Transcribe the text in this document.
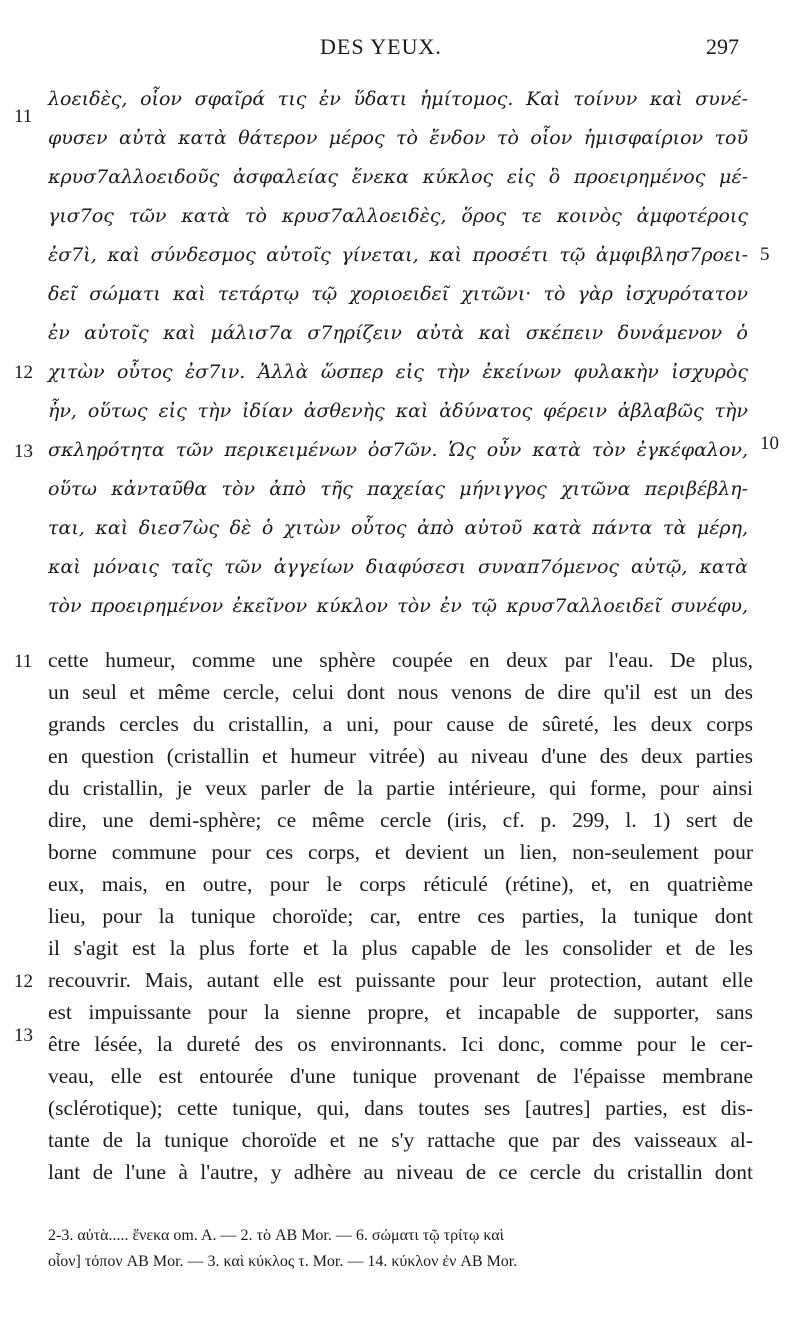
DES YEUX.	297
λοειδὲς, οἷον σφαῖρά τις ἐν ὕδατι ἡμίτομος. Καὶ τοίνυν καὶ συνέ-
φυσεν αὐτὰ κατὰ θάτερον μέρος τὸ ἔνδον τὸ οἷον ἡμισφαίριον τοῦ
κρυσ7αλλοειδοῦς ἀσφαλείας ἕνεκα κύκλος εἰς ὃ προειρημένος μέ-
γισ7ος τῶν κατὰ τὸ κρυσ7αλλοειδὲς, ὅρος τε κοινὸς ἀμφοτέροις
ἐσ7ὶ, καὶ σύνδεσμος αὐτοῖς γίνεται, καὶ προσέτι τῷ ἀμφιβλησ7ροει-
δεῖ σώματι καὶ τετάρτῳ τῷ χοριοειδεῖ χιτῶνι· τὸ γὰρ ἰσχυρότατον
ἐν αὐτοῖς καὶ μάλισ7α σ7ηρίζειν αὐτὰ καὶ σκέπειν δυνάμενον ὁ
χιτὼν οὗτος ἐσ7ιν. Ἀλλὰ ὥσπερ εἰς τὴν ἐκείνων φυλακὴν ἰσχυρὸς
ἦν, οὕτως εἰς τὴν ἰδίαν ἀσθενὴς καὶ ἀδύνατος φέρειν ἀβλαβῶς τὴν
σκληρότητα τῶν περικειμένων ὀσ7ῶν. Ὡς οὖν κατὰ τὸν ἐγκέφαλον,
οὕτω κἀνταῦθα τὸν ἀπὸ τῆς παχείας μήνιγγος χιτῶνα περιβέβλη-
ται, καὶ διεσ7ὼς δὲ ὁ χιτὼν οὗτος ἀπὸ αὐτοῦ κατὰ πάντα τὰ μέρη,
καὶ μόναις ταῖς τῶν ἀγγείων διαφύσεσι συναπ7όμενος αὐτῷ, κατὰ
τὸν προειρημένον ἐκεῖνον κύκλον τὸν ἐν τῷ κρυσ7αλλοειδεῖ συνέφυ,
11
12
13
5
10
cette humeur, comme une sphère coupée en deux par l'eau. De plus,
un seul et même cercle, celui dont nous venons de dire qu'il est un des
grands cercles du cristallin, a uni, pour cause de sûreté, les deux corps
en question (cristallin et humeur vitrée) au niveau d'une des deux parties
du cristallin, je veux parler de la partie intérieure, qui forme, pour ainsi
dire, une demi-sphère; ce même cercle (iris, cf. p. 299, l. 1) sert de
borne commune pour ces corps, et devient un lien, non-seulement pour
eux, mais, en outre, pour le corps réticulé (rétine), et, en quatrième
lieu, pour la tunique choroïde; car, entre ces parties, la tunique dont
il s'agit est la plus forte et la plus capable de les consolider et de les
recouvrir. Mais, autant elle est puissante pour leur protection, autant elle
est impuissante pour la sienne propre, et incapable de supporter, sans
être lésée, la dureté des os environnants. Ici donc, comme pour le cer-
veau, elle est entourée d'une tunique provenant de l'épaisse membrane
(sclérotique); cette tunique, qui, dans toutes ses [autres] parties, est dis-
tante de la tunique choroïde et ne s'y rattache que par des vaisseaux al-
lant de l'une à l'autre, y adhère au niveau de ce cercle du cristallin dont
11
12
13
2-3. αὐτὰ..... ἕνεκα om. A. — 2. τὸ AB Mor. — 6. σώματι τῷ τρίτῳ καὶ
οἷον] τόπον AB Mor. — 3. καὶ κύκλος τ. Mor. — 14. κύκλον ἐν AB Mor.
